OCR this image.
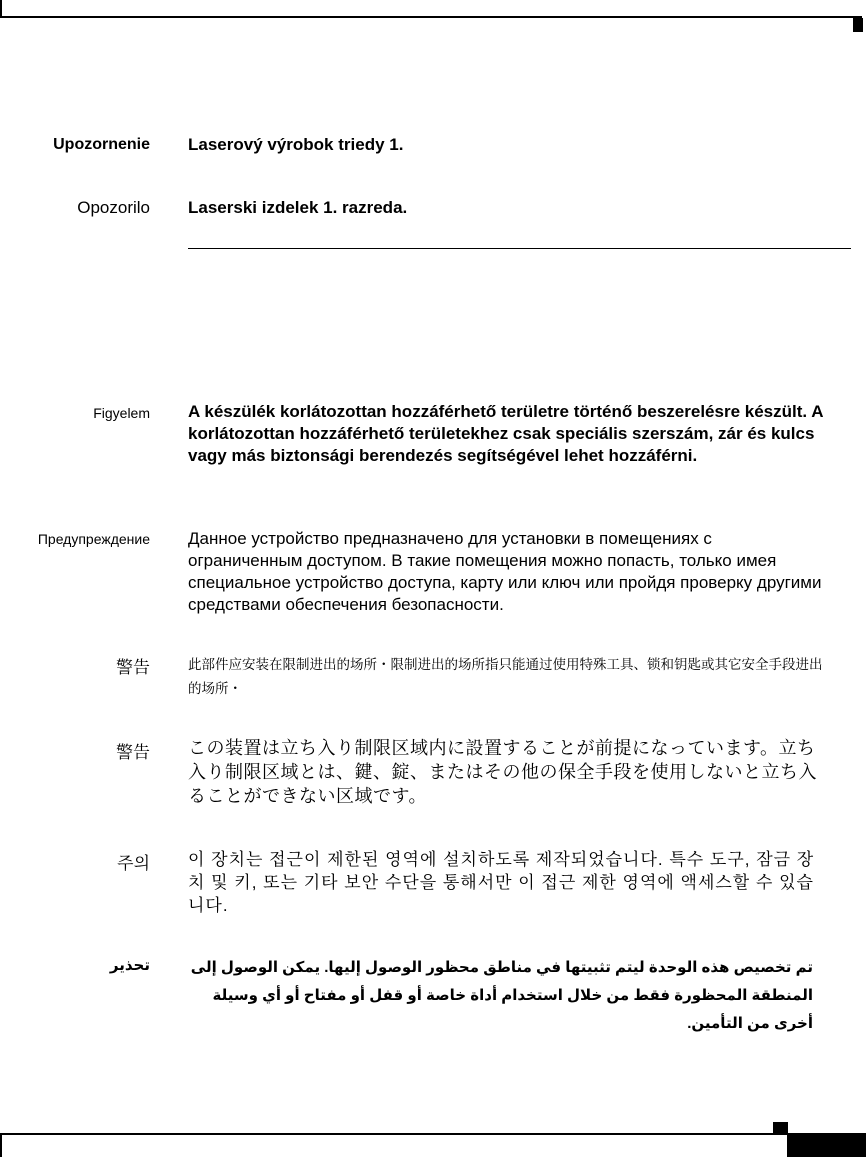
Upozornenie Laserový výrobok triedy 1.
Opozorilo Laserski izdelek 1. razreda.
Figyelem A készülék korlátozottan hozzáférhető területre történő beszerelésre készült. A korlátozottan hozzáférhető területekhez csak speciális szerszám, zár és kulcs vagy más biztonsági berendezés segítségével lehet hozzáférni.
Предупреждение Данное устройство предназначено для установки в помещениях с ограниченным доступом. В такие помещения можно попасть, только имея специальное устройство доступа, карту или ключ или пройдя проверку другими средствами обеспечения безопасности.
警告	此部件应安装在限制进出的场所・限制进出的场所指只能通过使用特殊工具、锁和钥匙或其它安全手段进出的场所・
警告 この装置は立ち入り制限区域内に設置することが前提になっています。立ち入り制限区域とは、鍵、錠、またはその他の保全手段を使用しないと立ち入ることができない区域です。
주의 이 장치는 접근이 제한된 영역에 설치하도록 제작되었습니다. 특수 도구, 잠금 장치 및 키, 또는 기타 보안 수단을 통해서만 이 접근 제한 영역에 액세스할 수 있습니다.
تحذير	تم تخصيص هذه الوحدة ليتم تثبيتها في مناطق محظور الوصول إليها. يمكن الوصول إلى المنطقة المحظورة فقط من خلال استخدام أداة خاصة أو قفل أو مفتاح أو أي وسيلة أخرى من التأمين.
